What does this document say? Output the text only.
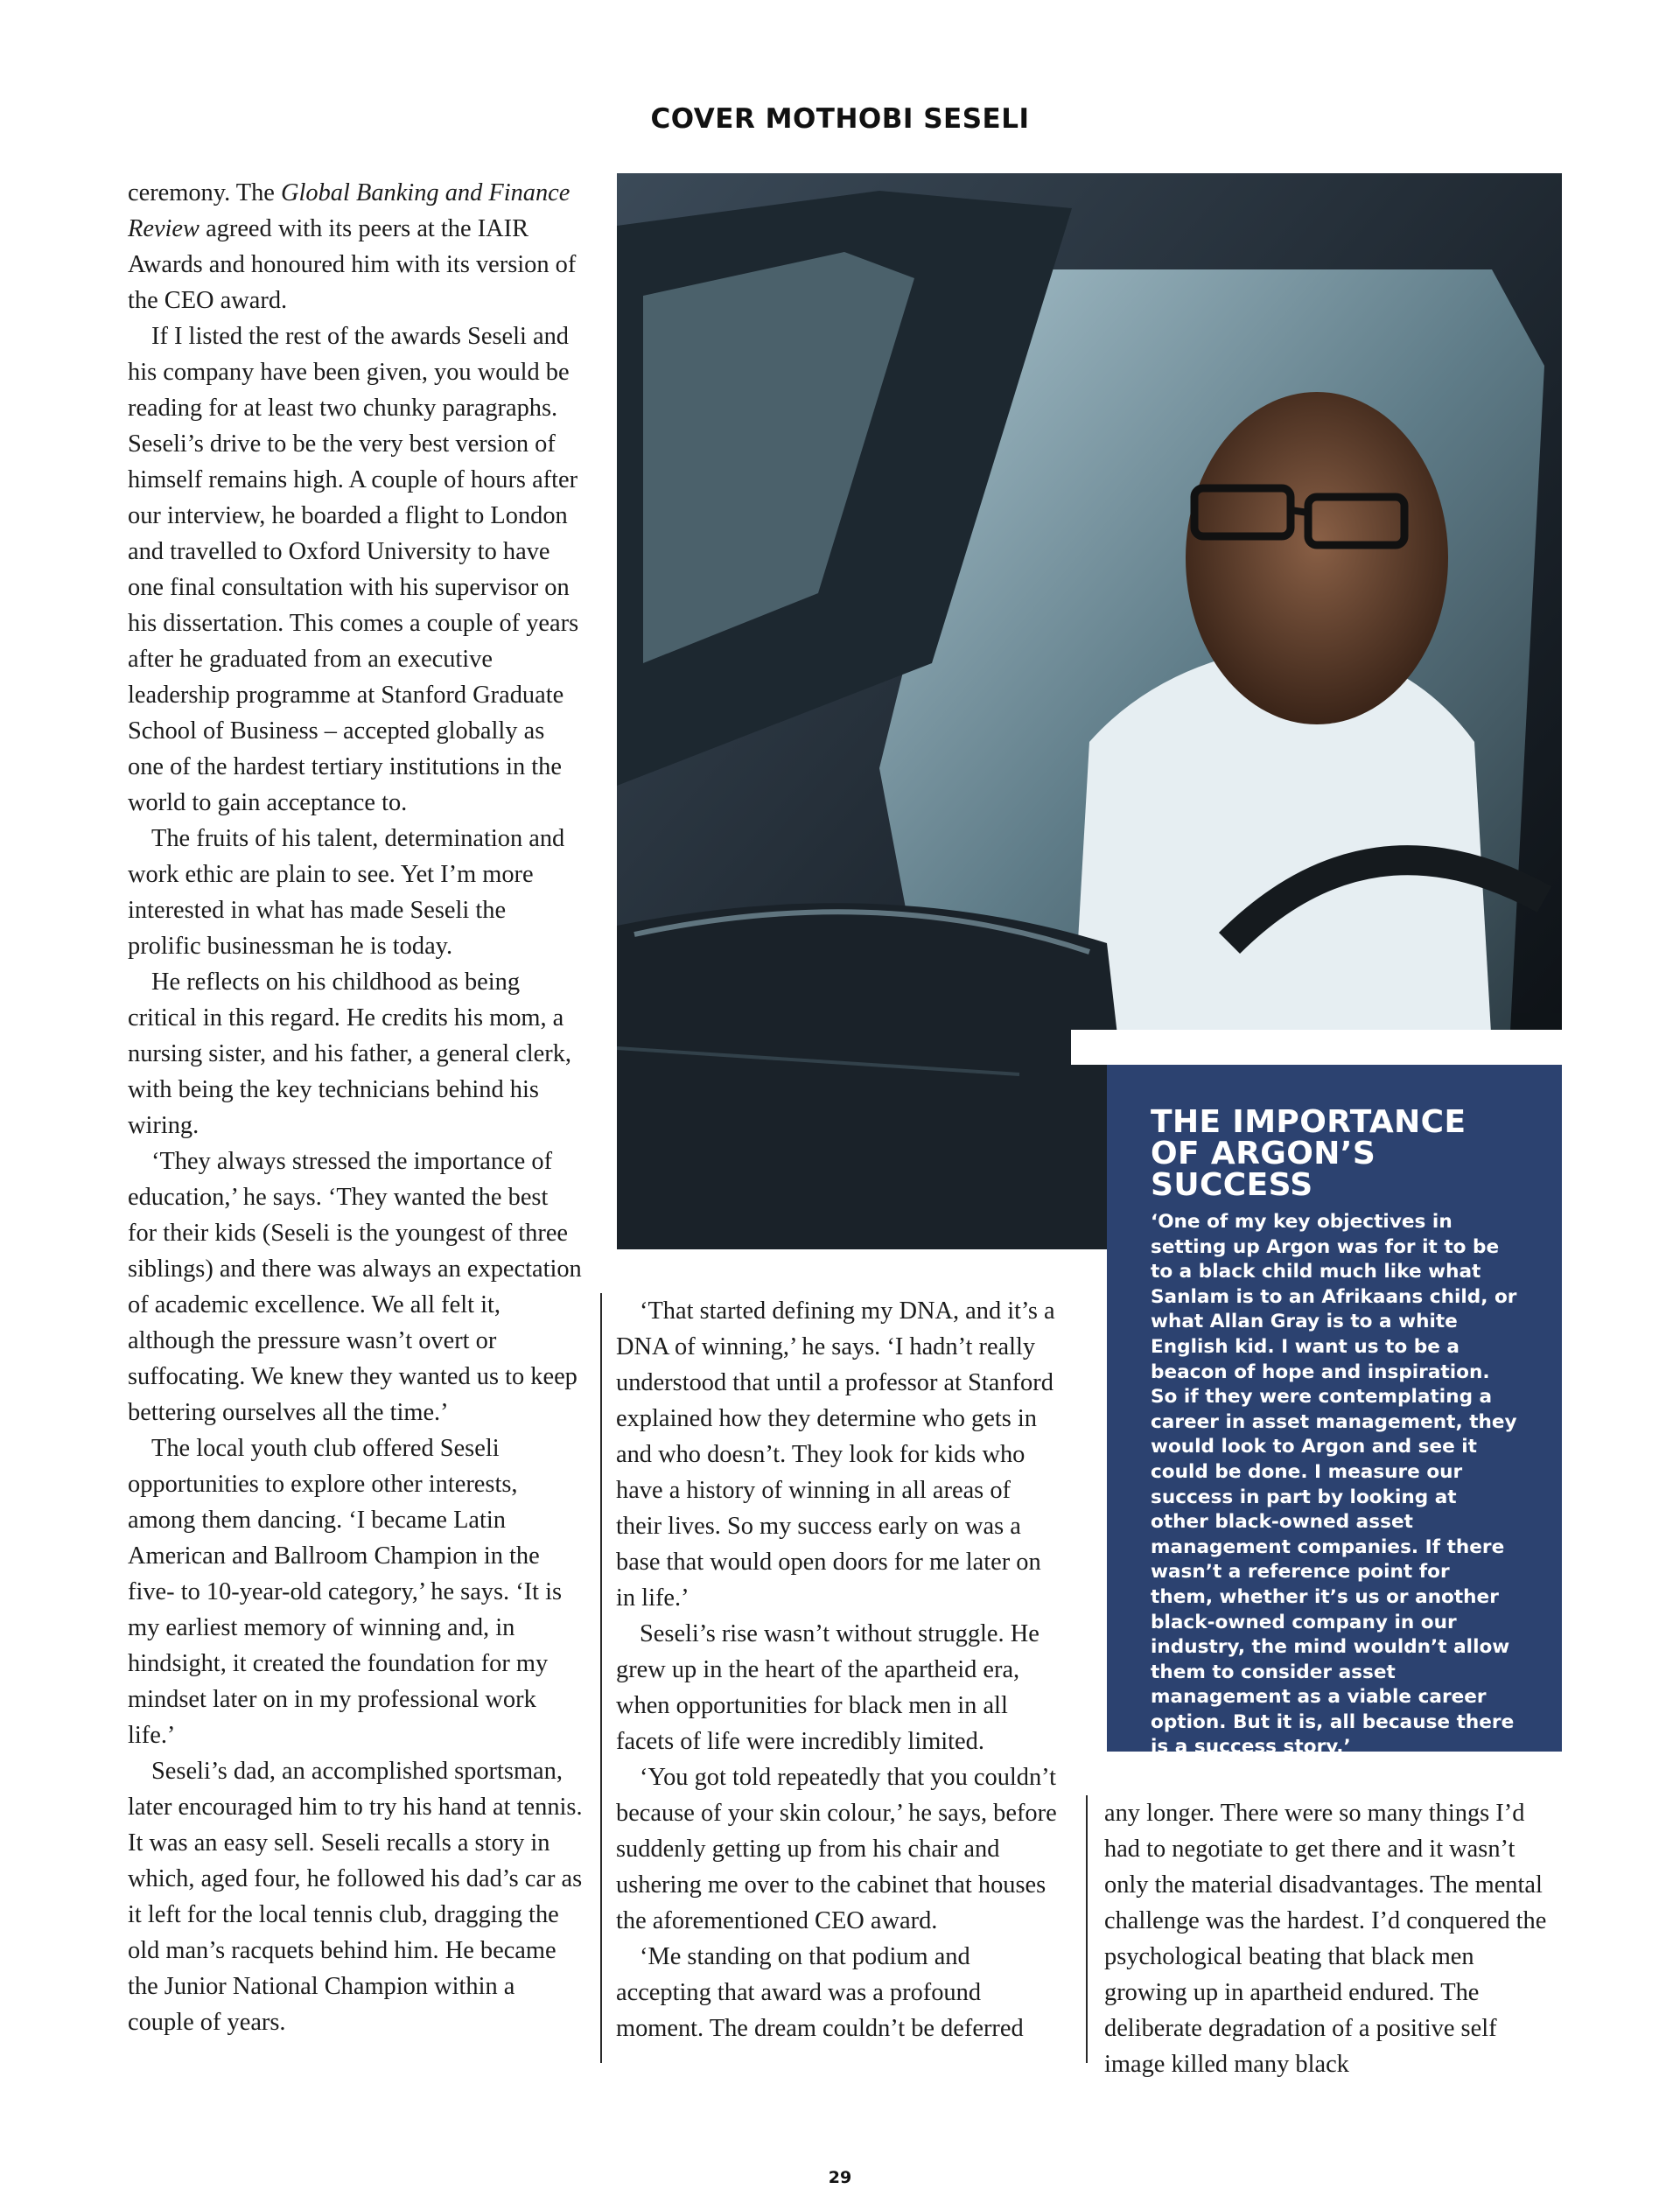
COVER MOTHOBI SESELI

ceremony. The Global Banking and Finance Review agreed with its peers at the IAIR Awards and honoured him with its version of the CEO award.

If I listed the rest of the awards Seseli and his company have been given, you would be reading for at least two chunky paragraphs. Seseli’s drive to be the very best version of himself remains high. A couple of hours after our interview, he boarded a flight to London and travelled to Oxford University to have one final consultation with his supervisor on his dissertation. This comes a couple of years after he graduated from an executive leadership programme at Stanford Graduate School of Business – accepted globally as one of the hardest tertiary institutions in the world to gain acceptance to.

The fruits of his talent, determination and work ethic are plain to see. Yet I’m more interested in what has made Seseli the prolific businessman he is today.

He reflects on his childhood as being critical in this regard. He credits his mom, a nursing sister, and his father, a general clerk, with being the key technicians behind his wiring.

‘They always stressed the importance of education,’ he says. ‘They wanted the best for their kids (Seseli is the youngest of three siblings) and there was always an expectation of academic excellence. We all felt it, although the pressure wasn’t overt or suffocating. We knew they wanted us to keep bettering ourselves all the time.’

The local youth club offered Seseli opportunities to explore other interests, among them dancing. ‘I became Latin American and Ballroom Champion in the five- to 10-year-old category,’ he says. ‘It is my earliest memory of winning and, in hindsight, it created the foundation for my mindset later on in my professional work life.’

Seseli’s dad, an accomplished sportsman, later encouraged him to try his hand at tennis. It was an easy sell. Seseli recalls a story in which, aged four, he followed his dad’s car as it left for the local tennis club, dragging the old man’s racquets behind him. He became the Junior National Champion within a couple of years.

THE IMPORTANCE OF ARGON’S SUCCESS

‘One of my key objectives in setting up Argon was for it to be to a black child much like what Sanlam is to an Afrikaans child, or what Allan Gray is to a white English kid. I want us to be a beacon of hope and inspiration. So if they were contemplating a career in asset management, they would look to Argon and see it could be done. I measure our success in part by looking at other black-owned asset management companies. If there wasn’t a reference point for them, whether it’s us or another black-owned company in our industry, the mind wouldn’t allow them to consider asset management as a viable career option. But it is, all because there is a success story.’

‘That started defining my DNA, and it’s a DNA of winning,’ he says. ‘I hadn’t really understood that until a professor at Stanford explained how they determine who gets in and who doesn’t. They look for kids who have a history of winning in all areas of their lives. So my success early on was a base that would open doors for me later on in life.’

Seseli’s rise wasn’t without struggle. He grew up in the heart of the apartheid era, when opportunities for black men in all facets of life were incredibly limited.

‘You got told repeatedly that you couldn’t because of your skin colour,’ he says, before suddenly getting up from his chair and ushering me over to the cabinet that houses the aforementioned CEO award.

‘Me standing on that podium and accepting that award was a profound moment. The dream couldn’t be deferred

any longer. There were so many things I’d had to negotiate to get there and it wasn’t only the material disadvantages. The mental challenge was the hardest. I’d conquered the psychological beating that black men growing up in apartheid endured. The deliberate degradation of a positive self image killed many black

29
